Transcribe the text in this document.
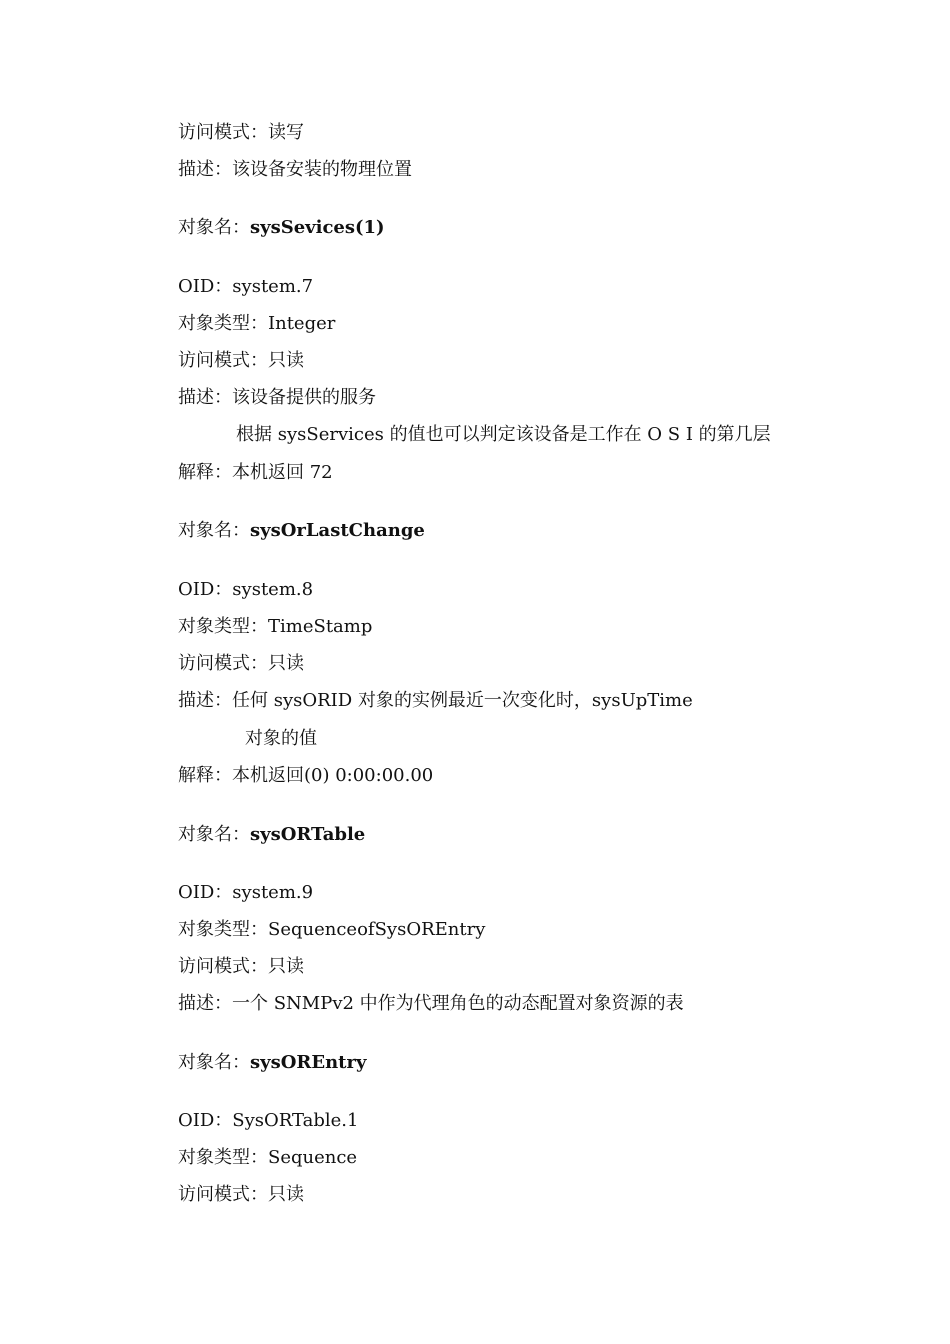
访问模式：读写
描述：该设备安装的物理位置
对象名：sysSevices(1)
OID：system.7
对象类型：Integer
访问模式：只读
描述：该设备提供的服务
根据 sysServices 的值也可以判定该设备是工作在 O S I 的第几层
解释：本机返回 72
对象名：sysOrLastChange
OID：system.8
对象类型：TimeStamp
访问模式：只读
描述：任何 sysORID 对象的实例最近一次变化时，sysUpTime
对象的值
解释：本机返回(0) 0:00:00.00
对象名：sysORTable
OID：system.9
对象类型：SequenceofSysOREntry
访问模式：只读
描述：一个 SNMPv2 中作为代理角色的动态配置对象资源的表
对象名：sysOREntry
OID：SysORTable.1
对象类型：Sequence
访问模式：只读
